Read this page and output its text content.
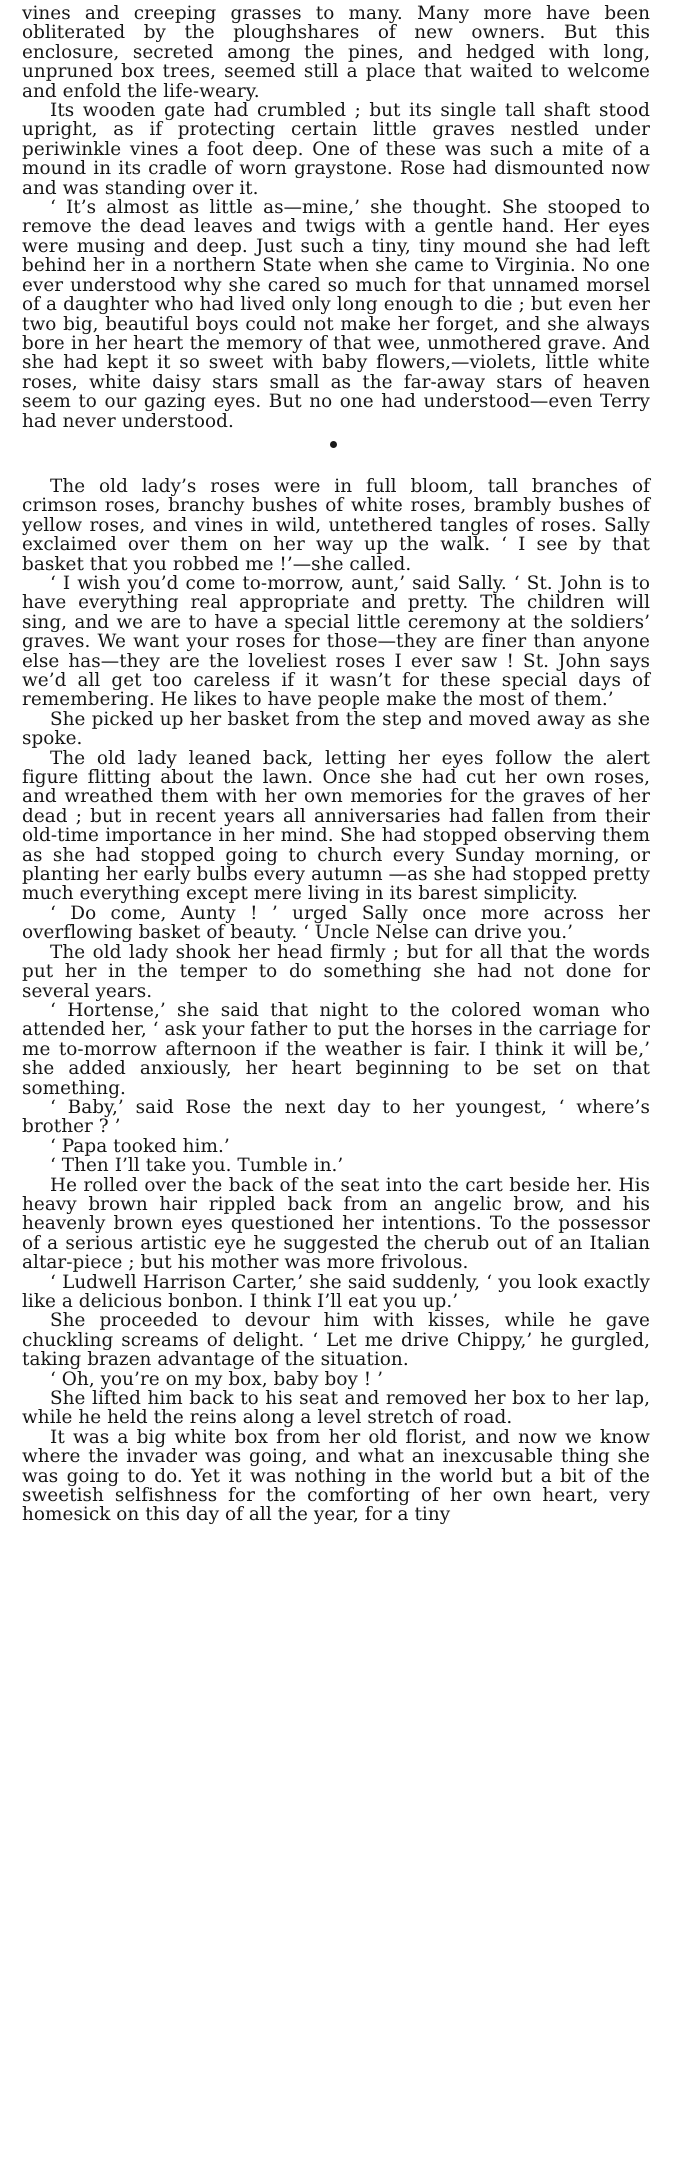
vines and creeping grasses to many. Many more have been obliterated by the ploughshares of new owners. But this enclosure, secreted among the pines, and hedged with long, unpruned box trees, seemed still a place that waited to welcome and enfold the life-weary.

Its wooden gate had crumbled ; but its single tall shaft stood upright, as if protecting certain little graves nestled under periwinkle vines a foot deep. One of these was such a mite of a mound in its cradle of worn graystone. Rose had dismounted now and was standing over it.

‘ It’s almost as little as—mine,’ she thought. She stooped to remove the dead leaves and twigs with a gentle hand. Her eyes were musing and deep. Just such a tiny, tiny mound she had left behind her in a northern State when she came to Virginia. No one ever understood why she cared so much for that unnamed morsel of a daughter who had lived only long enough to die ; but even her two big, beautiful boys could not make her forget, and she always bore in her heart the memory of that wee, unmothered grave. And she had kept it so sweet with baby flowers,—violets, little white roses, white daisy stars small as the far-away stars of heaven seem to our gazing eyes. But no one had understood—even Terry had never understood.

The old lady’s roses were in full bloom, tall branches of crimson roses, branchy bushes of white roses, brambly bushes of yellow roses, and vines in wild, untethered tangles of roses. Sally exclaimed over them on her way up the walk. ‘ I see by that basket that you robbed me !’—she called.

‘ I wish you’d come to-morrow, aunt,’ said Sally. ‘ St. John is to have everything real appropriate and pretty. The children will sing, and we are to have a special little ceremony at the soldiers’ graves. We want your roses for those—they are finer than anyone else has—they are the loveliest roses I ever saw ! St. John says we’d all get too careless if it wasn’t for these special days of remembering. He likes to have people make the most of them.’

She picked up her basket from the step and moved away as she spoke.

The old lady leaned back, letting her eyes follow the alert figure flitting about the lawn. Once she had cut her own roses, and wreathed them with her own memories for the graves of her dead ; but in recent years all anniversaries had fallen from their old-time importance in her mind. She had stopped observing them as she had stopped going to church every Sunday morning, or planting her early bulbs every autumn —as she had stopped pretty much everything except mere living in its barest simplicity.

‘ Do come, Aunty ! ’ urged Sally once more across her overflowing basket of beauty. ‘ Uncle Nelse can drive you.’

The old lady shook her head firmly ; but for all that the words put her in the temper to do something she had not done for several years.

‘ Hortense,’ she said that night to the colored woman who attended her, ‘ ask your father to put the horses in the carriage for me to-morrow afternoon if the weather is fair. I think it will be,’ she added anxiously, her heart beginning to be set on that something.

‘ Baby,’ said Rose the next day to her youngest, ‘ where’s brother ? ’

‘ Papa tooked him.’

‘ Then I’ll take you. Tumble in.’

He rolled over the back of the seat into the cart beside her. His heavy brown hair rippled back from an angelic brow, and his heavenly brown eyes questioned her intentions. To the possessor of a serious artistic eye he suggested the cherub out of an Italian altar-piece ; but his mother was more frivolous.

‘ Ludwell Harrison Carter,’ she said suddenly, ‘ you look exactly like a delicious bonbon. I think I’ll eat you up.’

She proceeded to devour him with kisses, while he gave chuckling screams of delight. ‘ Let me drive Chippy,’ he gurgled, taking brazen advantage of the situation.

‘ Oh, you’re on my box, baby boy ! ’

She lifted him back to his seat and removed her box to her lap, while he held the reins along a level stretch of road.

It was a big white box from her old florist, and now we know where the invader was going, and what an inexcusable thing she was going to do. Yet it was nothing in the world but a bit of the sweetish selfishness for the comforting of her own heart, very homesick on this day of all the year, for a tiny
